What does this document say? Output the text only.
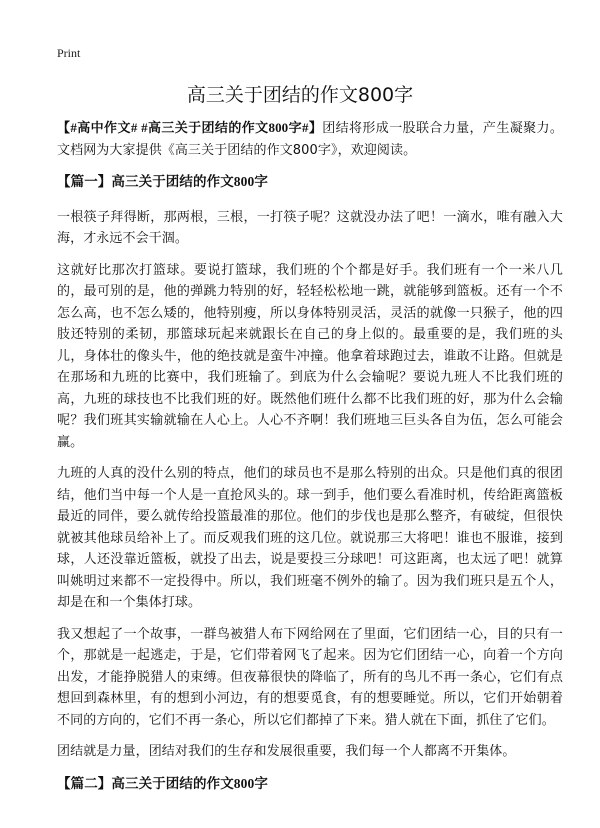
Print
高三关于团结的作文800字

【#高中作文# #高三关于团结的作文800字#】团结将形成一股联合力量，产生凝聚力。文档网为大家提供《高三关于团结的作文800字》，欢迎阅读。

【篇一】高三关于团结的作文800字

一根筷子拜得断，那两根，三根，一打筷子呢？这就没办法了吧！一滴水，唯有融入大海，才永远不会干涸。

这就好比那次打篮球。要说打篮球，我们班的个个都是好手。我们班有一个一米八几的，最可别的是，他的弹跳力特别的好，轻轻松松地一跳，就能够到篮板。还有一个不怎么高，也不怎么矮的，他特别瘦，所以身体特别灵活，灵活的就像一只猴子，他的四肢还特别的柔韧，那篮球玩起来就跟长在自己的身上似的。最重要的是，我们班的头儿，身体壮的像头牛，他的绝技就是蛮牛冲撞。他拿着球跑过去，谁敢不让路。但就是在那场和九班的比赛中，我们班输了。到底为什么会输呢？要说九班人不比我们班的高，九班的球技也不比我们班的好。既然他们班什么都不比我们班的好，那为什么会输呢？我们班其实输就输在人心上。人心不齐啊！我们班地三巨头各自为伍，怎么可能会赢。

九班的人真的没什么别的特点，他们的球员也不是那么特别的出众。只是他们真的很团结，他们当中每一个人是一直抢风头的。球一到手，他们要么看准时机，传给距离篮板最近的同伴，要么就传给投篮最准的那位。他们的步伐也是那么整齐，有破绽，但很快就被其他球员给补上了。而反观我们班的这几位。就说那三大将吧！谁也不服谁，接到球，人还没靠近篮板，就投了出去，说是要投三分球吧！可这距离，也太远了吧！就算叫姚明过来都不一定投得中。所以，我们班毫不例外的输了。因为我们班只是五个人，却是在和一个集体打球。

我又想起了一个故事，一群鸟被猎人布下网给网在了里面，它们团结一心，目的只有一个，那就是一起逃走，于是，它们带着网飞了起来。因为它们团结一心，向着一个方向出发，才能挣脱猎人的束缚。但夜幕很快的降临了，所有的鸟儿不再一条心，它们有点想回到森林里，有的想到小河边，有的想要觅食，有的想要睡觉。所以，它们开始朝着不同的方向的，它们不再一条心，所以它们都掉了下来。猎人就在下面，抓住了它们。

团结就是力量，团结对我们的生存和发展很重要，我们每一个人都离不开集体。

【篇二】高三关于团结的作文800字
